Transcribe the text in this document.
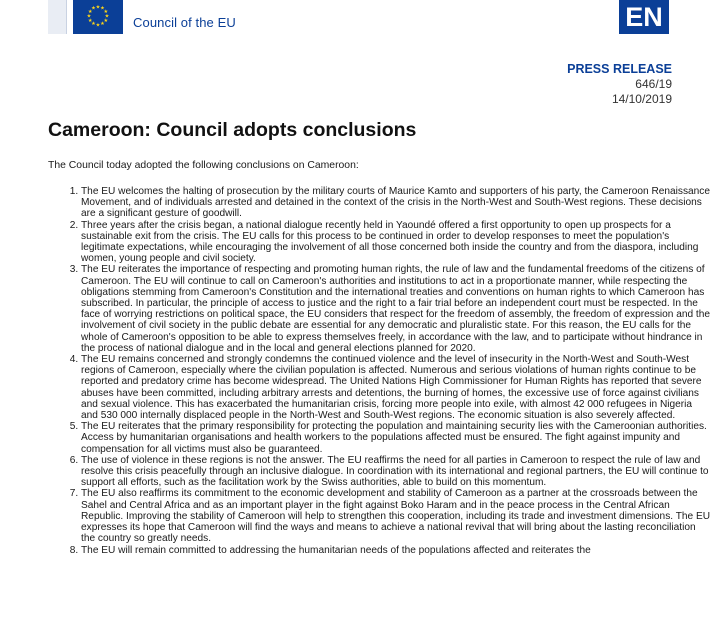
★ ★
★
★
★
★
★
★
★
★
★
★
Council of the EU	EN
PRESS RELEASE
646/19
14/10/2019
Cameroon: Council adopts conclusions

The Council today adopted the following conclusions on Cameroon:

1. The EU welcomes the halting of prosecution by the military courts of Maurice Kamto and supporters of his party, the Cameroon Renaissance Movement, and of individuals arrested and detained in the context of the crisis in the North-West and South-West regions. These decisions are a significant gesture of goodwill.
2. Three years after the crisis began, a national dialogue recently held in Yaoundé offered a first opportunity to open up prospects for a sustainable exit from the crisis. The EU calls for this process to be continued in order to develop responses to meet the population's legitimate expectations, while encouraging the involvement of all those concerned both inside the country and from the diaspora, including women, young people and civil society.
3. The EU reiterates the importance of respecting and promoting human rights, the rule of law and the fundamental freedoms of the citizens of Cameroon. The EU will continue to call on Cameroon's authorities and institutions to act in a proportionate manner, while respecting the obligations stemming from Cameroon's Constitution and the international treaties and conventions on human rights to which Cameroon has subscribed. In particular, the principle of access to justice and the right to a fair trial before an independent court must be respected. In the face of worrying restrictions on political space, the EU considers that respect for the freedom of assembly, the freedom of expression and the involvement of civil society in the public debate are essential for any democratic and pluralistic state. For this reason, the EU calls for the whole of Cameroon's opposition to be able to express themselves freely, in accordance with the law, and to participate without hindrance in the process of national dialogue and in the local and general elections planned for 2020.
4. The EU remains concerned and strongly condemns the continued violence and the level of insecurity in the North-West and South-West regions of Cameroon, especially where the civilian population is affected. Numerous and serious violations of human rights continue to be reported and predatory crime has become widespread. The United Nations High Commissioner for Human Rights has reported that severe abuses have been committed, including arbitrary arrests and detentions, the burning of homes, the excessive use of force against civilians and sexual violence. This has exacerbated the humanitarian crisis, forcing more people into exile, with almost 42 000 refugees in Nigeria and 530 000 internally displaced people in the North-West and South-West regions. The economic situation is also severely affected.
5. The EU reiterates that the primary responsibility for protecting the population and maintaining security lies with the Cameroonian authorities. Access by humanitarian organisations and health workers to the populations affected must be ensured. The fight against impunity and compensation for all victims must also be guaranteed.
6. The use of violence in these regions is not the answer. The EU reaffirms the need for all parties in Cameroon to respect the rule of law and resolve this crisis peacefully through an inclusive dialogue. In coordination with its international and regional partners, the EU will continue to support all efforts, such as the facilitation work by the Swiss authorities, able to build on this momentum.
7. The EU also reaffirms its commitment to the economic development and stability of Cameroon as a partner at the crossroads between the Sahel and Central Africa and as an important player in the fight against Boko Haram and in the peace process in the Central African Republic. Improving the stability of Cameroon will help to strengthen this cooperation, including its trade and investment dimensions. The EU expresses its hope that Cameroon will find the ways and means to achieve a national revival that will bring about the lasting reconciliation the country so greatly needs.
8. The EU will remain committed to addressing the humanitarian needs of the populations affected and reiterates the
